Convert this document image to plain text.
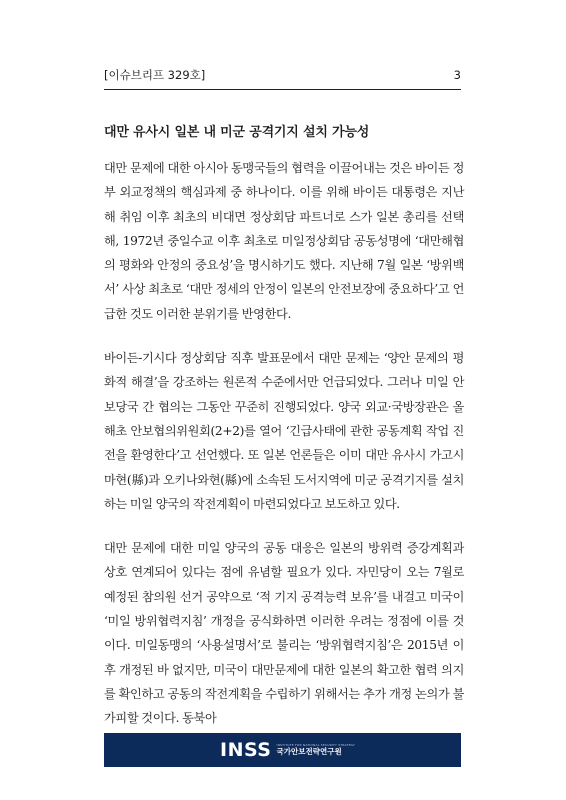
[이슈브리프 329호]	3
대만 유사시 일본 내 미군 공격기지 설치 가능성

대만 문제에 대한 아시아 동맹국들의 협력을 이끌어내는 것은 바이든 정부 외교정책의 핵심과제 중 하나이다. 이를 위해 바이든 대통령은 지난해 취임 이후 최초의 비대면 정상회담 파트너로 스가 일본 총리를 선택해, 1972년 중일수교 이후 최초로 미일정상회담 공동성명에 ‘대만해협의 평화와 안정의 중요성’을 명시하기도 했다. 지난해 7월 일본 ‘방위백서’ 사상 최초로 ‘대만 정세의 안정이 일본의 안전보장에 중요하다’고 언급한 것도 이러한 분위기를 반영한다.

바이든-기시다 정상회담 직후 발표문에서 대만 문제는 ‘양안 문제의 평화적 해결’을 강조하는 원론적 수준에서만 언급되었다. 그러나 미일 안보당국 간 협의는 그동안 꾸준히 진행되었다. 양국 외교·국방장관은 올해초 안보협의위원회(2+2)를 열어 ‘긴급사태에 관한 공동계획 작업 진전을 환영한다’고 선언했다. 또 일본 언론들은 이미 대만 유사시 가고시마현(縣)과 오키나와현(縣)에 소속된 도서지역에 미군 공격기지를 설치하는 미일 양국의 작전계획이 마련되었다고 보도하고 있다.

대만 문제에 대한 미일 양국의 공동 대응은 일본의 방위력 증강계획과 상호 연계되어 있다는 점에 유념할 필요가 있다. 자민당이 오는 7월로 예정된 참의원 선거 공약으로 ‘적 기지 공격능력 보유’를 내걸고 미국이 ‘미일 방위협력지침’ 개정을 공식화하면 이러한 우려는 정점에 이를 것이다. 미일동맹의 ‘사용설명서’로 불리는 ‘방위협력지침’은 2015년 이후 개정된 바 없지만, 미국이 대만문제에 대한 일본의 확고한 협력 의지를 확인하고 공동의 작전계획을 수립하기 위해서는 추가 개정 논의가 불가피할 것이다. 동북아

INSS INSTITUTE FOR NATIONAL SECURITY STRATEGY
국가안보전략연구원
